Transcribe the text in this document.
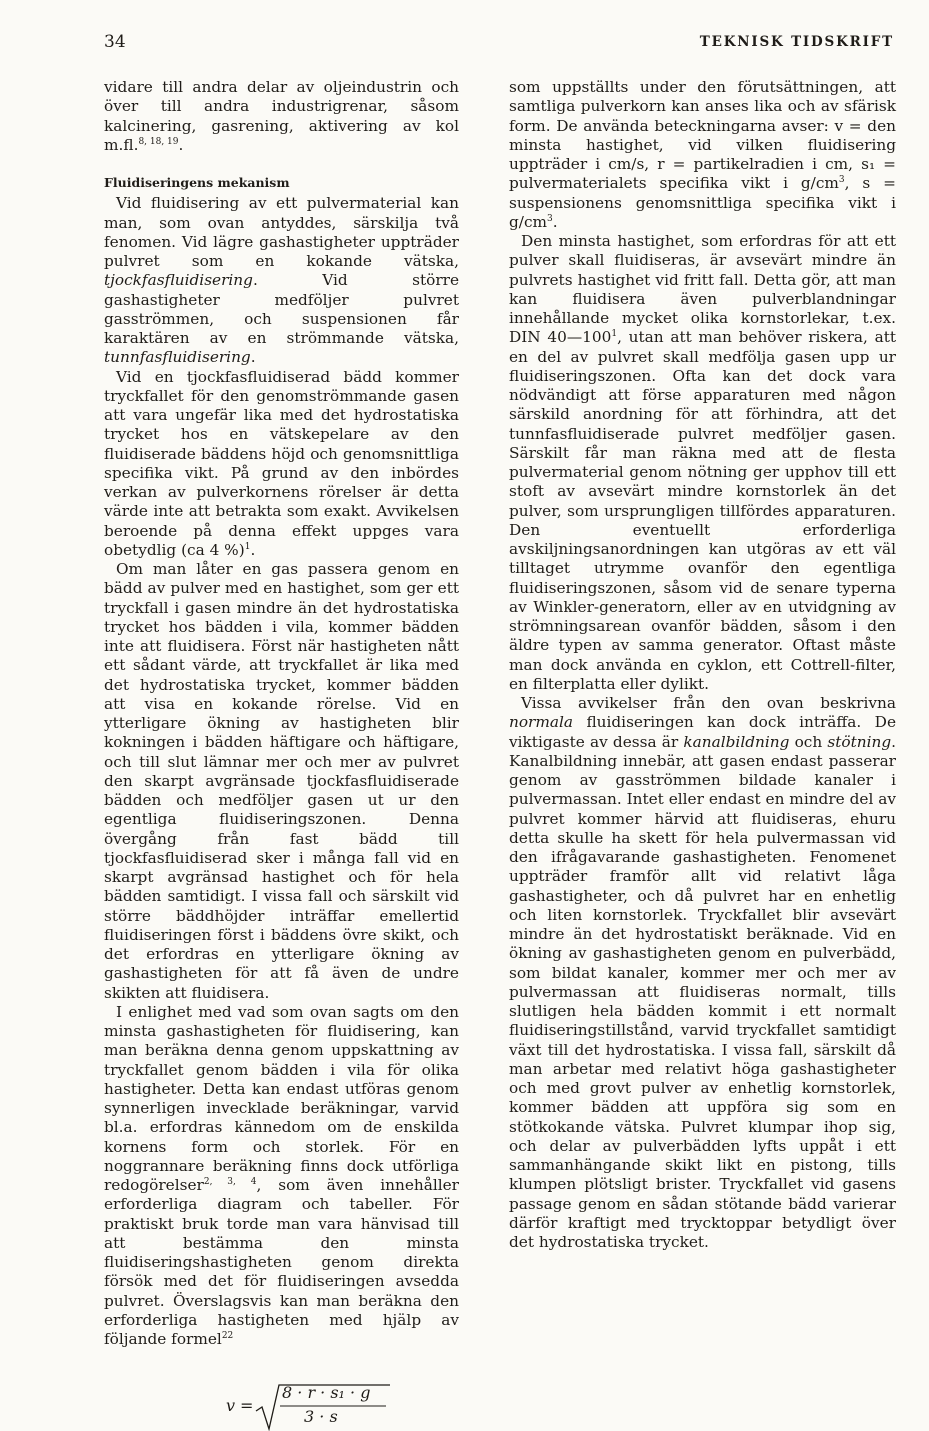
34	TEKNISK TIDSKRIFT

vidare till andra delar av oljeindustrin och över till andra industrigrenar, såsom kalcinering, gasrening, aktivering av kol m.fl.$^{8, 18, 19}$.

Fluidiseringens mekanism

Vid fluidisering av ett pulvermaterial kan man, som ovan antyddes, särskilja två fenomen. Vid lägre gashastigheter uppträder pulvret som en kokande vätska, tjockfasfluidisering. Vid större gashastigheter medföljer pulvret gasströmmen, och suspensionen får karaktären av en strömmande vätska, tunnfasfluidisering.

Vid en tjockfasfluidiserad bädd kommer tryckfallet för den genomströmmande gasen att vara ungefär lika med det hydrostatiska trycket hos en vätskepelare av den fluidiserade bäddens höjd och genomsnittliga specifika vikt. På grund av den inbördes verkan av pulverkornens rörelser är detta värde inte att betrakta som exakt. Avvikelsen beroende på denna effekt uppges vara obetydlig (ca 4 %)$^1$.

Om man låter en gas passera genom en bädd av pulver med en hastighet, som ger ett tryckfall i gasen mindre än det hydrostatiska trycket hos bädden i vila, kommer bädden inte att fluidisera. Först när hastigheten nått ett sådant värde, att tryckfallet är lika med det hydrostatiska trycket, kommer bädden att visa en kokande rörelse. Vid en ytterligare ökning av hastigheten blir kokningen i bädden häftigare och häftigare, och till slut lämnar mer och mer av pulvret den skarpt avgränsade tjockfasfluidiserade bädden och medföljer gasen ut ur den egentliga fluidiseringszonen. Denna övergång från fast bädd till tjockfasfluidiserad sker i många fall vid en skarpt avgränsad hastighet och för hela bädden samtidigt. I vissa fall och särskilt vid större bäddhöjder inträffar emellertid fluidiseringen först i bäddens övre skikt, och det erfordras en ytterligare ökning av gashastigheten för att få även de undre skikten att fluidisera.

I enlighet med vad som ovan sagts om den minsta gashastigheten för fluidisering, kan man beräkna denna genom uppskattning av tryckfallet genom bädden i vila för olika hastigheter. Detta kan endast utföras genom synnerligen invecklade beräkningar, varvid bl.a. erfordras kännedom om de enskilda kornens form och storlek. För en noggrannare beräkning finns dock utförliga redogörelser$^{2, 3, 4}$, som även innehåller erforderliga diagram och tabeller. För praktiskt bruk torde man vara hänvisad till att bestämma den minsta fluidiseringshastigheten genom direkta försök med det för fluidiseringen avsedda pulvret. Överslagsvis kan man beräkna den erforderliga hastigheten med hjälp av följande formel$^{22}$

v =
8 · r · s₁ · g
3 · s

som uppställts under den förutsättningen, att samtliga pulverkorn kan anses lika och av sfärisk form. De använda beteckningarna avser: v = den minsta hastighet, vid vilken fluidisering uppträder i cm/s, r = partikelradien i cm, s₁ = pulvermaterialets specifika vikt i $g/cm^3$, s = suspensionens genomsnittliga specifika vikt i $g/cm^3$.

Den minsta hastighet, som erfordras för att ett pulver skall fluidiseras, är avsevärt mindre än pulvrets hastighet vid fritt fall. Detta gör, att man kan fluidisera även pulverblandningar innehållande mycket olika kornstorlekar, t.ex. DIN $40—100^1$, utan att man behöver riskera, att en del av pulvret skall medfölja gasen upp ur fluidiseringszonen. Ofta kan det dock vara nödvändigt att förse apparaturen med någon särskild anordning för att förhindra, att det tunnfasfluidiserade pulvret medföljer gasen. Särskilt får man räkna med att de flesta pulvermaterial genom nötning ger upphov till ett stoft av avsevärt mindre kornstorlek än det pulver, som ursprungligen tillfördes apparaturen. Den eventuellt erforderliga avskiljningsanordningen kan utgöras av ett väl tilltaget utrymme ovanför den egentliga fluidiseringszonen, såsom vid de senare typerna av Winkler-generatorn, eller av en utvidgning av strömningsarean ovanför bädden, såsom i den äldre typen av samma generator. Oftast måste man dock använda en cyklon, ett Cottrell-filter, en filterplatta eller dylikt.

Vissa avvikelser från den ovan beskrivna normala fluidiseringen kan dock inträffa. De viktigaste av dessa är kanalbildning och stötning. Kanalbildning innebär, att gasen endast passerar genom av gasströmmen bildade kanaler i pulvermassan. Intet eller endast en mindre del av pulvret kommer härvid att fluidiseras, ehuru detta skulle ha skett för hela pulvermassan vid den ifrågavarande gashastigheten. Fenomenet uppträder framför allt vid relativt låga gashastigheter, och då pulvret har en enhetlig och liten kornstorlek. Tryckfallet blir avsevärt mindre än det hydrostatiskt beräknade. Vid en ökning av gashastigheten genom en pulverbädd, som bildat kanaler, kommer mer och mer av pulvermassan att fluidiseras normalt, tills slutligen hela bädden kommit i ett normalt fluidiseringstillstånd, varvid tryckfallet samtidigt växt till det hydrostatiska. I vissa fall, särskilt då man arbetar med relativt höga gashastigheter och med grovt pulver av enhetlig kornstorlek, kommer bädden att uppföra sig som en stötkokande vätska. Pulvret klumpar ihop sig, och delar av pulverbädden lyfts uppåt i ett sammanhängande skikt likt en pistong, tills klumpen plötsligt brister. Tryckfallet vid gasens passage genom en sådan stötande bädd varierar därför kraftigt med trycktoppar betydligt över det hydrostatiska trycket.
